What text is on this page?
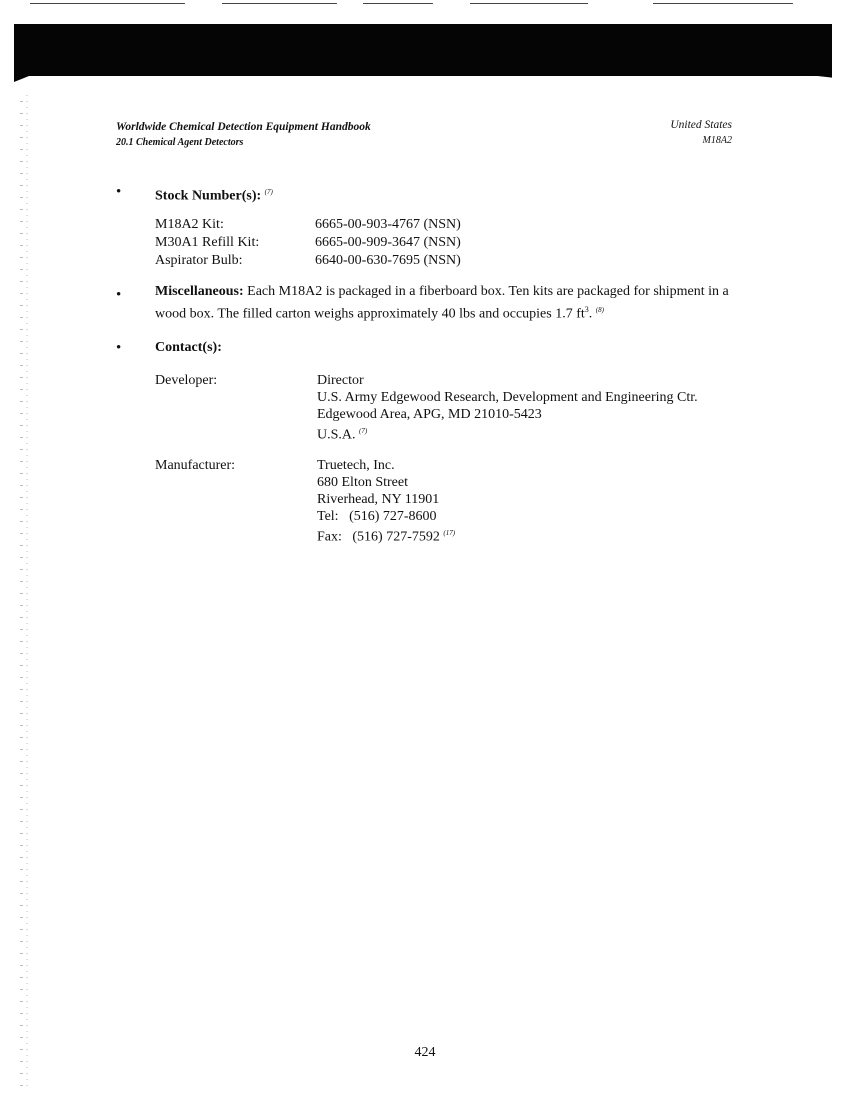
Worldwide Chemical Detection Equipment Handbook
20.1 Chemical Agent Detectors
United States
M18A2
• Stock Number(s): $^{(7)}$
M18A2 Kit:	6665-00-903-4767 (NSN)
M30A1 Refill Kit:	6665-00-909-3647 (NSN)
Aspirator Bulb:	6640-00-630-7695 (NSN)
• Miscellaneous: Each M18A2 is packaged in a fiberboard box. Ten kits are packaged for shipment in a wood box. The filled carton weighs approximately 40 lbs and occupies 1.7 ft$^3$. $^{(8)}$
• Contact(s):
Developer:	Director
U.S. Army Edgewood Research, Development and Engineering Ctr.
Edgewood Area, APG, MD 21010-5423
U.S.A. $^{(7)}$
Manufacturer:	Truetech, Inc.
680 Elton Street
Riverhead, NY 11901
Tel:   (516) 727-8600
Fax:   (516) 727-7592 $^{(17)}$
424
